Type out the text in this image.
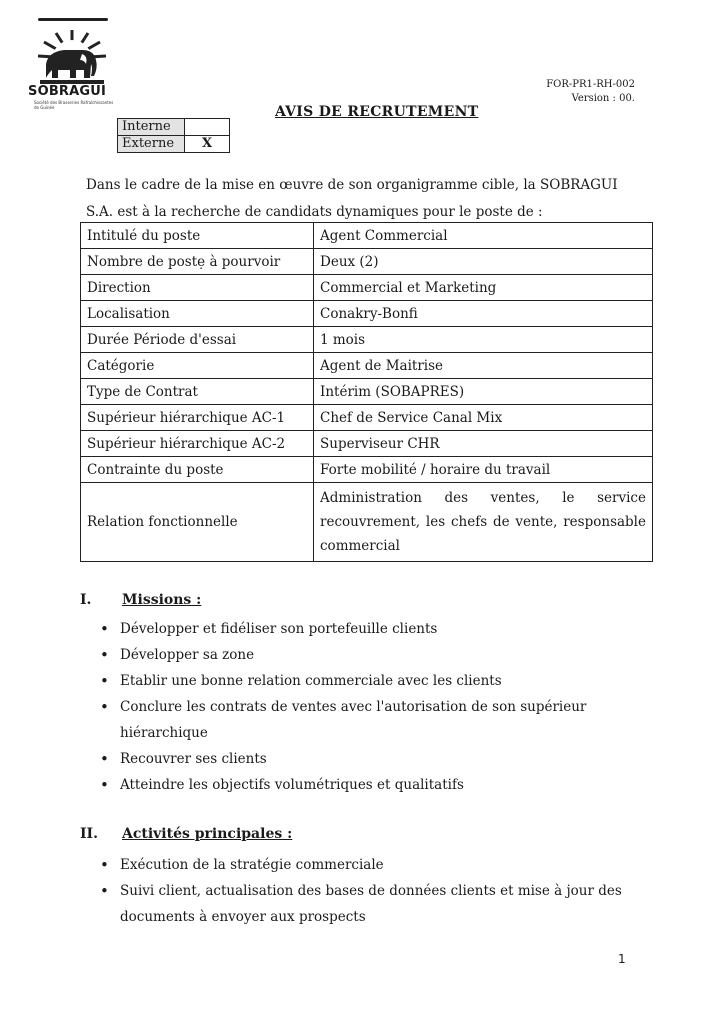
SOBRAGUI
Société des Brasseries Rafraîchissantes de Guinée
FOR-PR1-RH-002
Version : 00.
AVIS DE RECRUTEMENT
Interne	
Externe	X
Dans le cadre de la mise en œuvre de son organigramme cible, la SOBRAGUI S.A. est à la recherche de candidats dynamiques pour le poste de :
Intitulé du poste	Agent Commercial
Nombre de postẹ à pourvoir	Deux (2)
Direction	Commercial et Marketing
Localisation	Conakry-Bonfi
Durée Période d'essai	1 mois
Catégorie	Agent de Maitrise
Type de Contrat	Intérim (SOBAPRES)
Supérieur hiérarchique AC-1	Chef de Service Canal Mix
Supérieur hiérarchique AC-2	Superviseur CHR
Contrainte du poste	Forte mobilité / horaire du travail
Relation fonctionnelle	Administration des ventes, le service recouvrement, les chefs de vente, responsable commercial
I. Missions :
• Développer et fidéliser son portefeuille clients
• Développer sa zone
• Etablir une bonne relation commerciale avec les clients
• Conclure les contrats de ventes avec l'autorisation de son supérieur hiérarchique
• Recouvrer ses clients
• Atteindre les objectifs volumétriques et qualitatifs
II. Activités principales :
• Exécution de la stratégie commerciale
• Suivi client, actualisation des bases de données clients et mise à jour des documents à envoyer aux prospects
1
